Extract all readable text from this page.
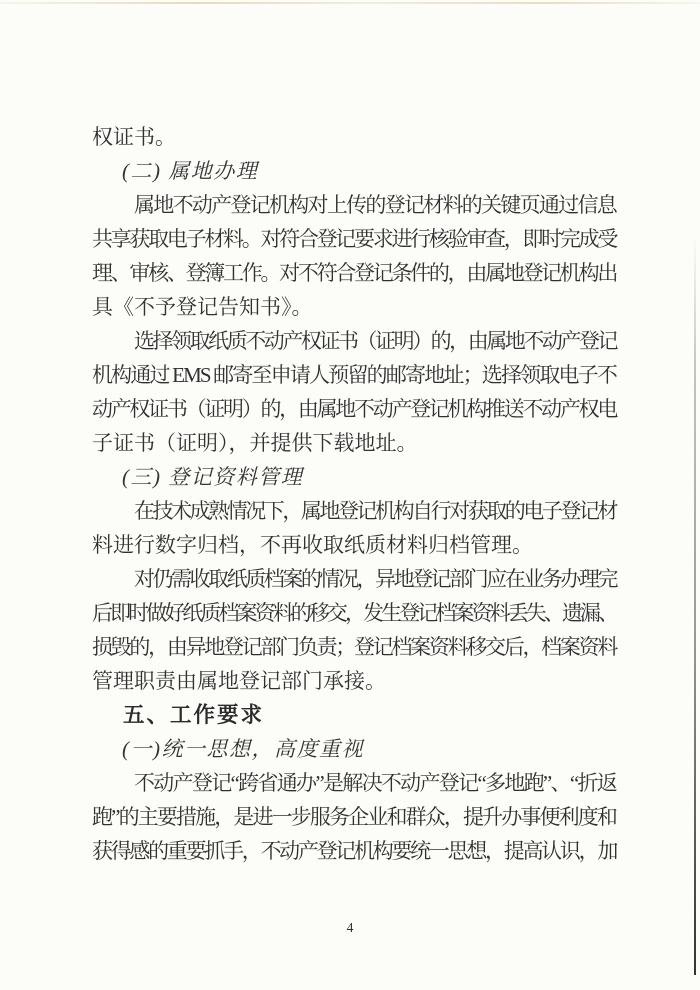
权证书。
(二) 属地办理
属地不动产登记机构对上传的登记材料的关键页通过信息
共享获取电子材料。对符合登记要求进行核验审查，即时完成受
理、审核、登簿工作。对不符合登记条件的，由属地登记机构出
具《不予登记告知书》。
选择领取纸质不动产权证书（证明）的，由属地不动产登记
机构通过 EMS 邮寄至申请人预留的邮寄地址；选择领取电子不
动产权证书（证明）的，由属地不动产登记机构推送不动产权电
子证书（证明），并提供下载地址。
(三) 登记资料管理
在技术成熟情况下，属地登记机构自行对获取的电子登记材
料进行数字归档，不再收取纸质材料归档管理。
对仍需收取纸质档案的情况，异地登记部门应在业务办理完
后即时做好纸质档案资料的移交，发生登记档案资料丢失、遗漏、
损毁的，由异地登记部门负责；登记档案资料移交后，档案资料
管理职责由属地登记部门承接。
五、工作要求
(一)统一思想，高度重视
不动产登记“跨省通办”是解决不动产登记“多地跑”、“折返
跑”的主要措施，是进一步服务企业和群众，提升办事便利度和
获得感的重要抓手，不动产登记机构要统一思想，提高认识，加
4
